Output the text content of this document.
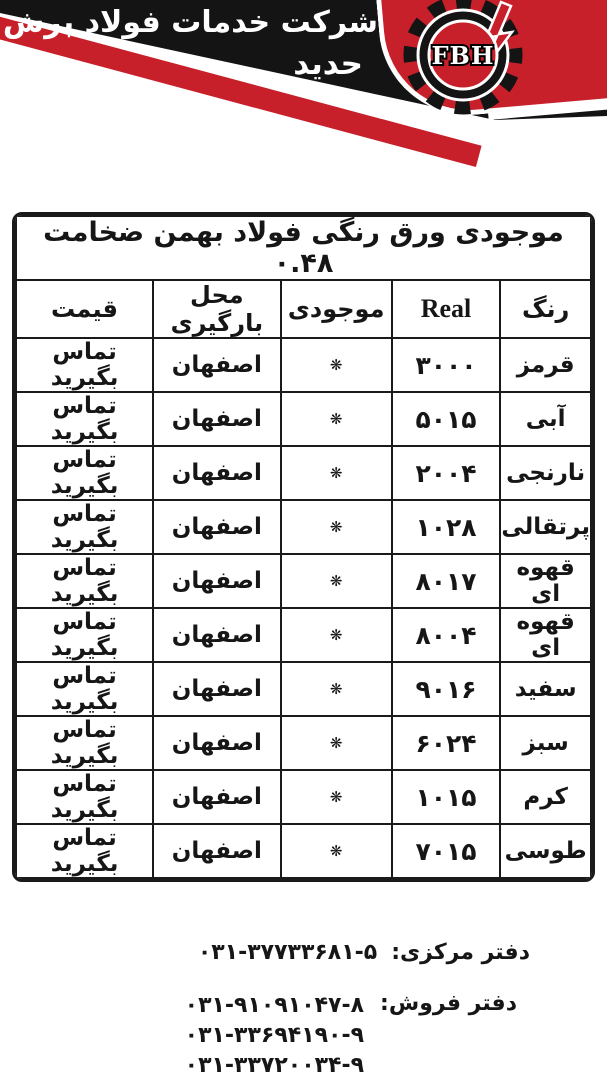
FBH
شرکت خدمات فولاد برش
حدید
موجودی ورق رنگی فولاد بهمن ضخامت ۰.۴۸				
رنگ	Real	موجودی	محل بارگیری	قیمت
قرمز	۳۰۰۰	❋	اصفهان	تماس بگیرید
آبی	۵۰۱۵	❋	اصفهان	تماس بگیرید
نارنجی	۲۰۰۴	❋	اصفهان	تماس بگیرید
پرتقالی	۱۰۲۸	❋	اصفهان	تماس بگیرید
قهوه ای	۸۰۱۷	❋	اصفهان	تماس بگیرید
قهوه ای	۸۰۰۴	❋	اصفهان	تماس بگیرید
سفید	۹۰۱۶	❋	اصفهان	تماس بگیرید
سبز	۶۰۲۴	❋	اصفهان	تماس بگیرید
کرم	۱۰۱۵	❋	اصفهان	تماس بگیرید
طوسی	۷۰۱۵	❋	اصفهان	تماس بگیرید
دفتر مرکزی:
۰۳۱-۳۷۷۳۳۶۸۱-۵
دفتر فروش:
۰۳۱-۹۱۰۹۱۰۴۷-۸
۰۳۱-۳۳۶۹۴۱۹۰-۹
۰۳۱-۳۳۷۲۰۰۳۴-۹
